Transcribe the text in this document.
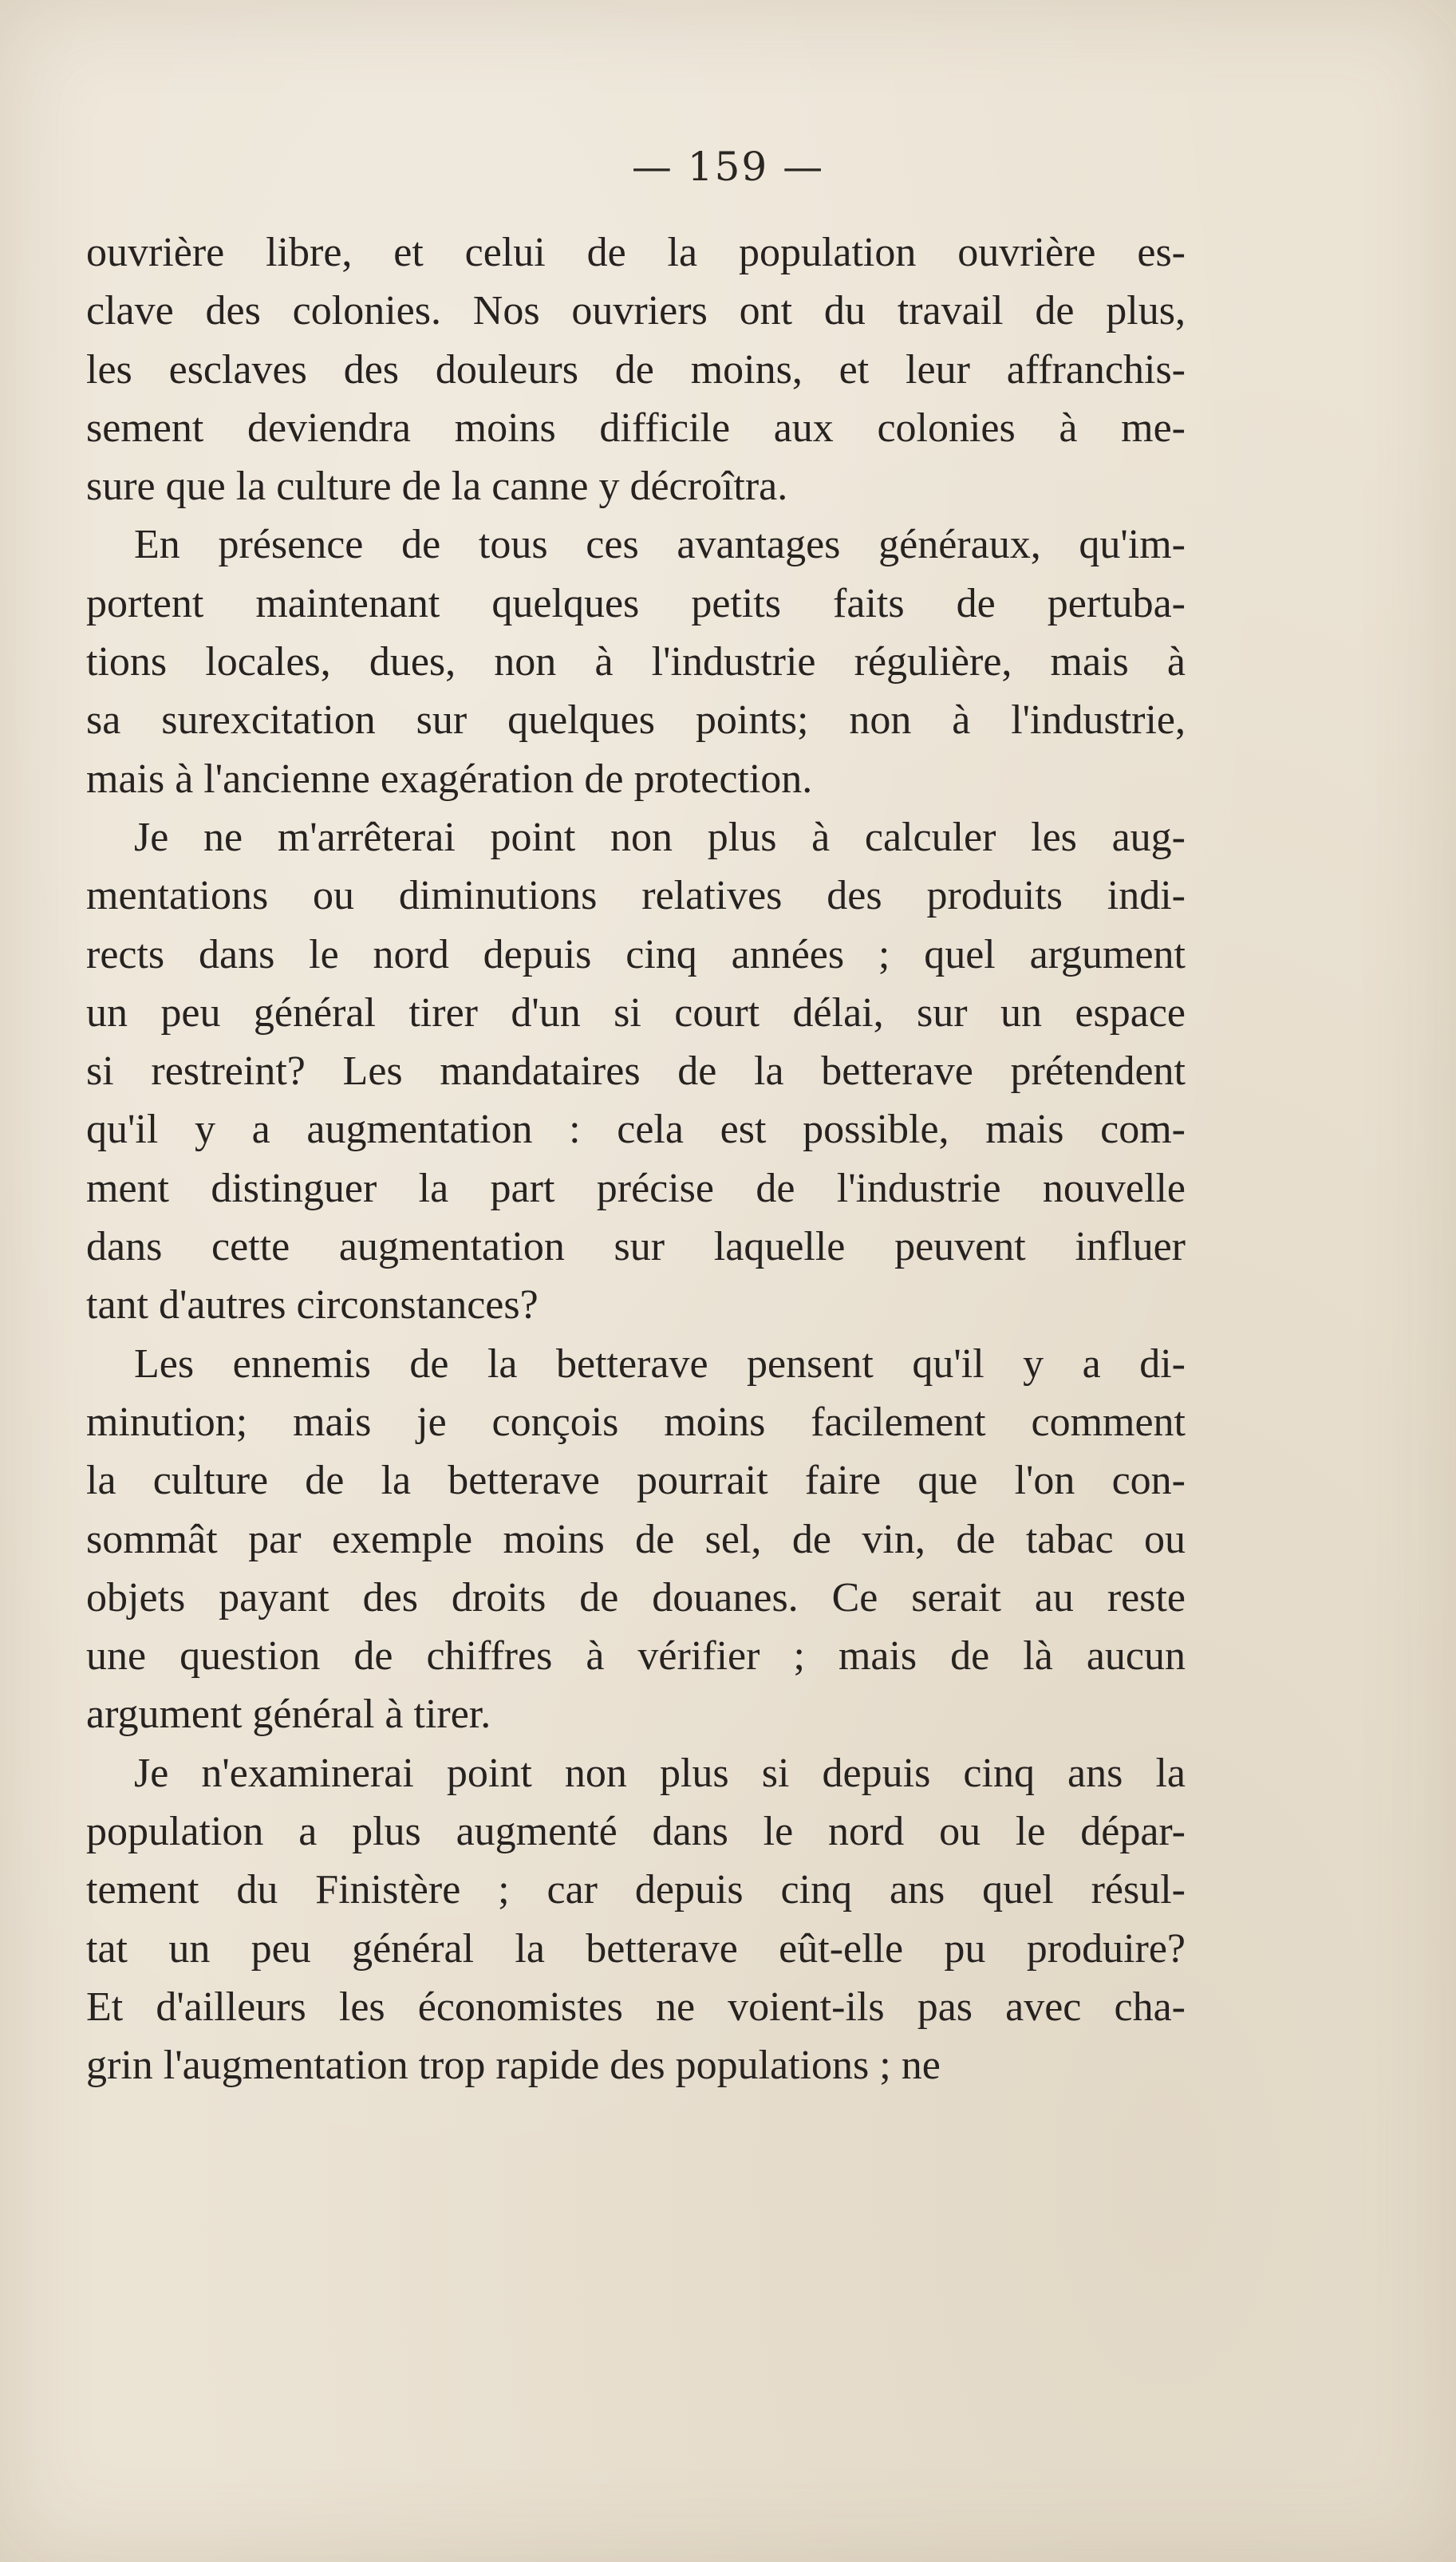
— 159 —

ouvrière libre, et celui de la population ouvrière es-
clave des colonies. Nos ouvriers ont du travail de plus,
les esclaves des douleurs de moins, et leur affranchis-
sement deviendra moins difficile aux colonies à me-
sure que la culture de la canne y décroîtra.

En présence de tous ces avantages généraux, qu'im-
portent maintenant quelques petits faits de pertuba-
tions locales, dues, non à l'industrie régulière, mais à
sa surexcitation sur quelques points; non à l'industrie,
mais à l'ancienne exagération de protection.

Je ne m'arrêterai point non plus à calculer les aug-
mentations ou diminutions relatives des produits indi-
rects dans le nord depuis cinq années ; quel argument
un peu général tirer d'un si court délai, sur un espace
si restreint? Les mandataires de la betterave prétendent
qu'il y a augmentation : cela est possible, mais com-
ment distinguer la part précise de l'industrie nouvelle
dans cette augmentation sur laquelle peuvent influer
tant d'autres circonstances?

Les ennemis de la betterave pensent qu'il y a di-
minution; mais je conçois moins facilement comment
la culture de la betterave pourrait faire que l'on con-
sommât par exemple moins de sel, de vin, de tabac ou
objets payant des droits de douanes. Ce serait au reste
une question de chiffres à vérifier ; mais de là aucun
argument général à tirer.

Je n'examinerai point non plus si depuis cinq ans la
population a plus augmenté dans le nord ou le dépar-
tement du Finistère ; car depuis cinq ans quel résul-
tat un peu général la betterave eût-elle pu produire?
Et d'ailleurs les économistes ne voient-ils pas avec cha-
grin l'augmentation trop rapide des populations ; ne
